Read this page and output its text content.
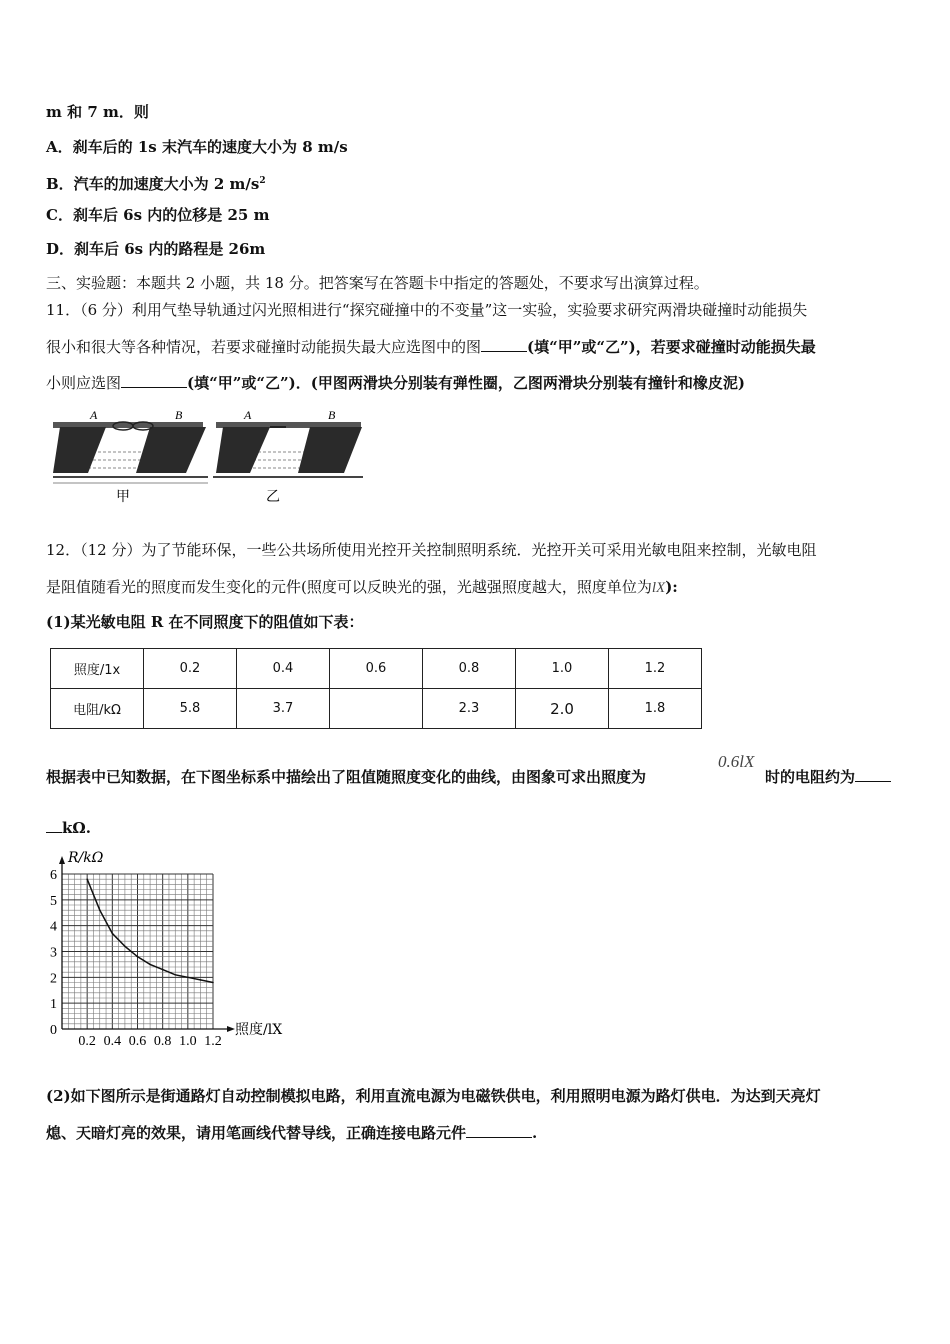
m 和 7 m．则
A．刹车后的 1s 末汽车的速度大小为 8 m/s
B．汽车的加速度大小为 2 $m/s^2$
C．刹车后 6s 内的位移是 25 m
D．刹车后 6s 内的路程是 26m
三、实验题：本题共 2 小题，共 18 分。把答案写在答题卡中指定的答题处，不要求写出演算过程。
11．（6 分）利用气垫导轨通过闪光照相进行“探究碰撞中的不变量”这一实验，实验要求研究两滑块碰撞时动能损失
很小和很大等各种情况，若要求碰撞时动能损失最大应选图中的图	(填“甲”或“乙”)，若要求碰撞时动能损失最
小则应选图	(填“甲”或“乙”)．(甲图两滑块分别装有弹性圈，乙图两滑块分别装有撞针和橡皮泥)
A	B
甲
A	B
乙
12．（12 分）为了节能环保，一些公共场所使用光控开关控制照明系统．光控开关可采用光敏电阻来控制，光敏电阻
是阻值随看光的照度而发生变化的元件(照度可以反映光的强，光越强照度越大，照度单位为lX):
(1)某光敏电阻 R 在不同照度下的阻值如下表：
照度/1x	0.2	0.4	0.6	0.8	1.0	1.2
电阻/kΩ	5.8	3.7		2.3	2.0	1.8
根据表中已知数据，在下图坐标系中描绘出了阻值随照度变化的曲线，由图象可求出照度为
0.6lX
时的电阻约为
kΩ.
照度/lX
R/kΩ
0
0.2 0.4 0.6 0.8 1.0 1.2
1
2
3
4
5
6
(2)如下图所示是街通路灯自动控制模拟电路，利用直流电源为电磁铁供电，利用照明电源为路灯供电．为达到天亮灯
熄、天暗灯亮的效果，请用笔画线代替导线，正确连接电路元件	.
